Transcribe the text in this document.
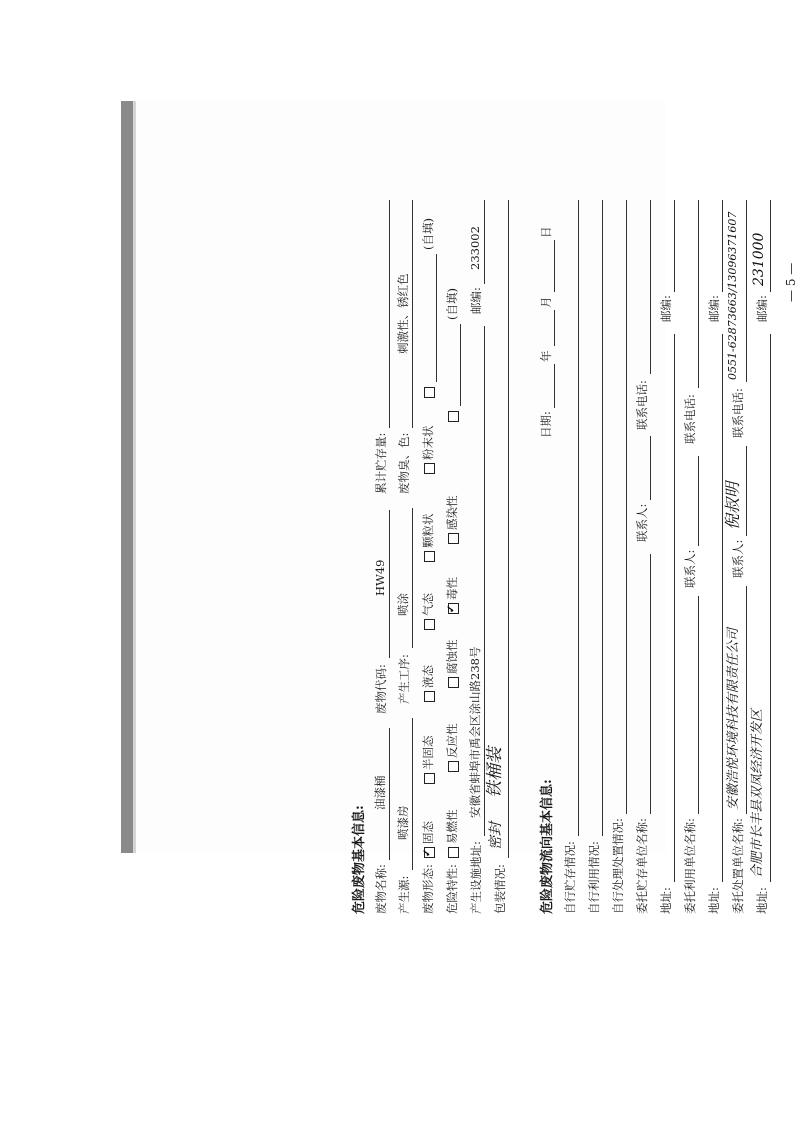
危险废物基本信息: 废物名称:
油漆桶
废物代码:
HW49
累计贮存量:
产生源:
喷漆房
产生工序:
喷涂
废物臭、色:
刺激性、锈红色
废物形态:
✓
固态
半固态
液态
气态
颗粒状
粉末状
(自填)
危险特性:
易燃性
反应性
腐蚀性
✓
毒性
感染性
(自填)
产生设施地址:
安徽省蚌埠市禹会区涂山路238号
邮编:
233002
包装情况:
密封
铁桶装
危险废物流向基本信息:
日期:
年
月
日
自行贮存情况: 自行利用情况: 自行处理处置情况: 委托贮存单位名称:
联系人:
联系电话:
地址:
邮编:
委托利用单位名称:
联系人:
联系电话:
地址:
邮编:
委托处置单位名称:
安徽浩悦环境科技有限责任公司
联系人:
倪叔明
联系电话:
0551-62873663/13096371607
地址:
合肥市长丰县双凤经济开发区
邮编:
231000 — 5 —
